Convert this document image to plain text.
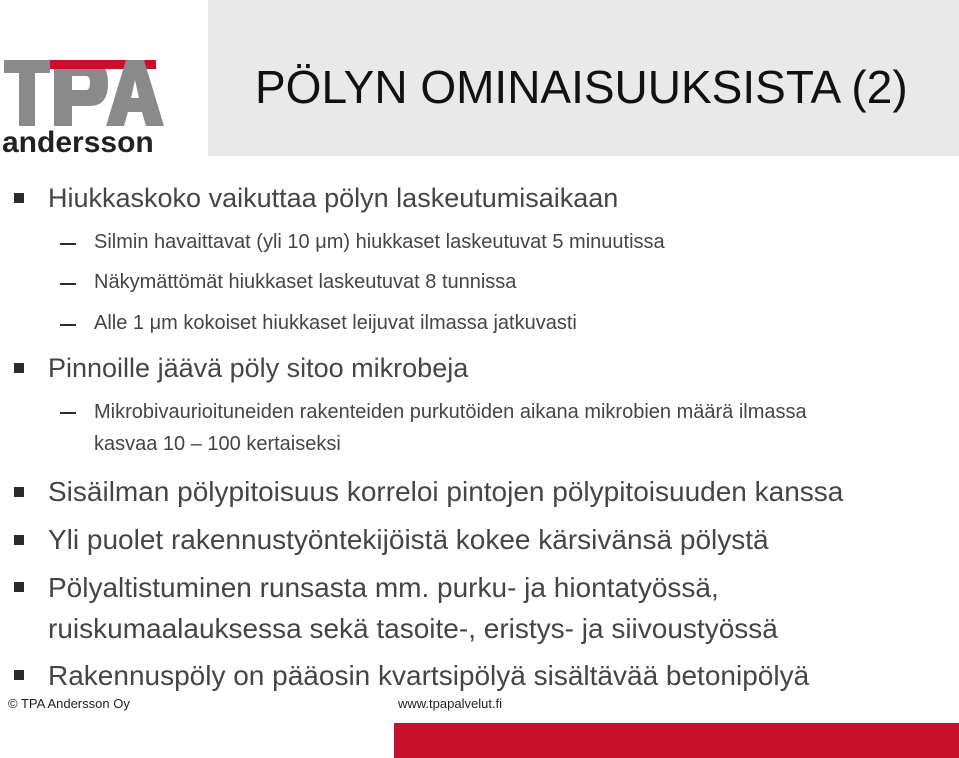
PÖLYN OMINAISUUKSISTA (2)
andersson

Hiukkaskoko vaikuttaa pölyn laskeutumisaikaan

Silmin havaittavat (yli 10 μm) hiukkaset laskeutuvat 5 minuutissa

Näkymättömät hiukkaset laskeutuvat 8 tunnissa

Alle 1 μm kokoiset hiukkaset leijuvat ilmassa jatkuvasti

Pinnoille jäävä pöly sitoo mikrobeja

Mikrobivaurioituneiden rakenteiden purkutöiden aikana mikrobien määrä ilmassa kasvaa 10 – 100 kertaiseksi

Sisäilman pölypitoisuus korreloi pintojen pölypitoisuuden kanssa

Yli puolet rakennustyöntekijöistä kokee kärsivänsä pölystä

Pölyaltistuminen runsasta mm. purku- ja hiontatyössä, ruiskumaalauksessa sekä tasoite-, eristys- ja siivoustyössä

Rakennuspöly on pääosin kvartsipölyä sisältävää betonipölyä

© TPA Andersson Oy	www.tpapalvelut.fi
